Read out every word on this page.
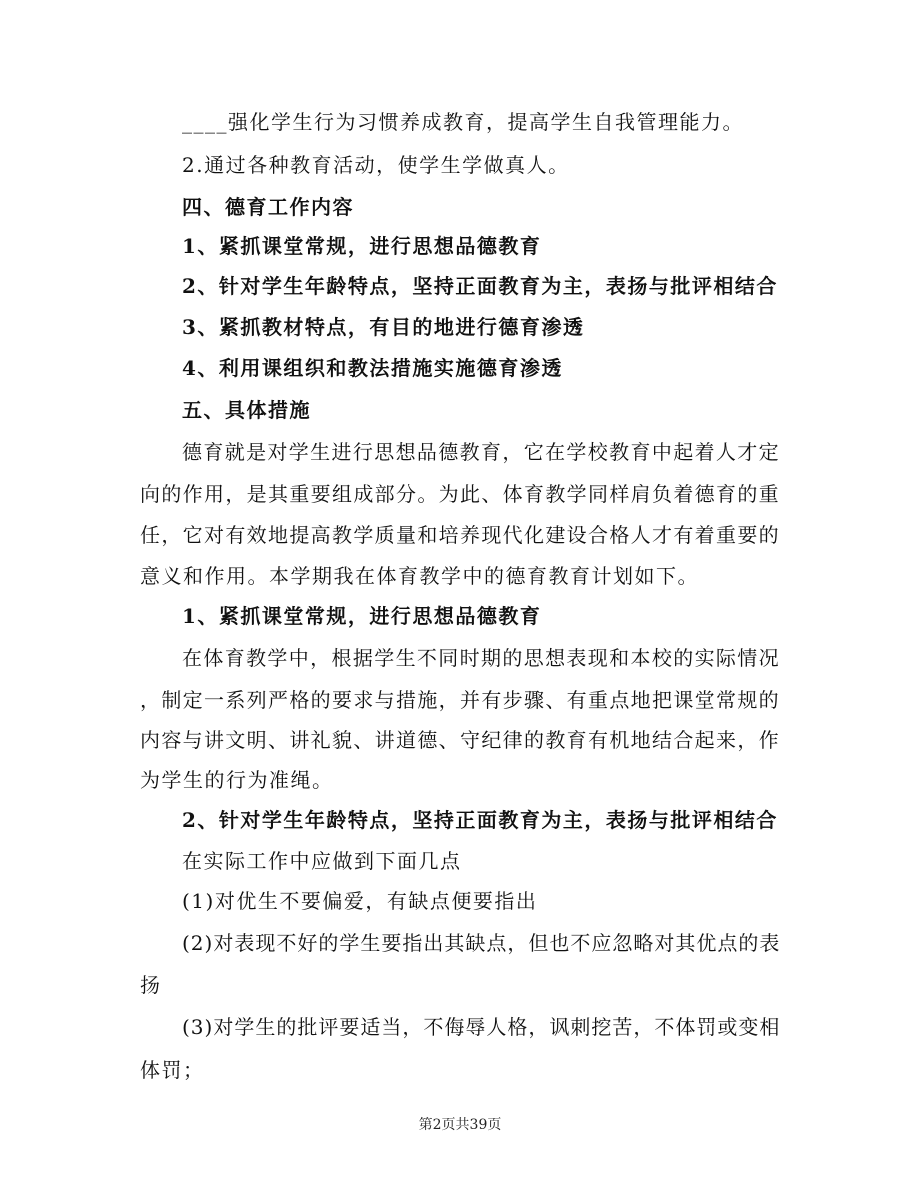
____强化学生行为习惯养成教育，提高学生自我管理能力。
2.通过各种教育活动，使学生学做真人。
四、德育工作内容
1、紧抓课堂常规，进行思想品德教育
2、针对学生年龄特点，坚持正面教育为主，表扬与批评相结合
3、紧抓教材特点，有目的地进行德育渗透
4、利用课组织和教法措施实施德育渗透
五、具体措施
德育就是对学生进行思想品德教育，它在学校教育中起着人才定
向的作用，是其重要组成部分。为此、体育教学同样肩负着德育的重
任，它对有效地提高教学质量和培养现代化建设合格人才有着重要的
意义和作用。本学期我在体育教学中的德育教育计划如下。
1、紧抓课堂常规，进行思想品德教育
在体育教学中，根据学生不同时期的思想表现和本校的实际情况
，制定一系列严格的要求与措施，并有步骤、有重点地把课堂常规的
内容与讲文明、讲礼貌、讲道德、守纪律的教育有机地结合起来，作
为学生的行为准绳。
2、针对学生年龄特点，坚持正面教育为主，表扬与批评相结合
在实际工作中应做到下面几点
(1)对优生不要偏爱，有缺点便要指出
(2)对表现不好的学生要指出其缺点，但也不应忽略对其优点的表
扬
(3)对学生的批评要适当，不侮辱人格，讽刺挖苦，不体罚或变相
体罚；
第2页共39页
